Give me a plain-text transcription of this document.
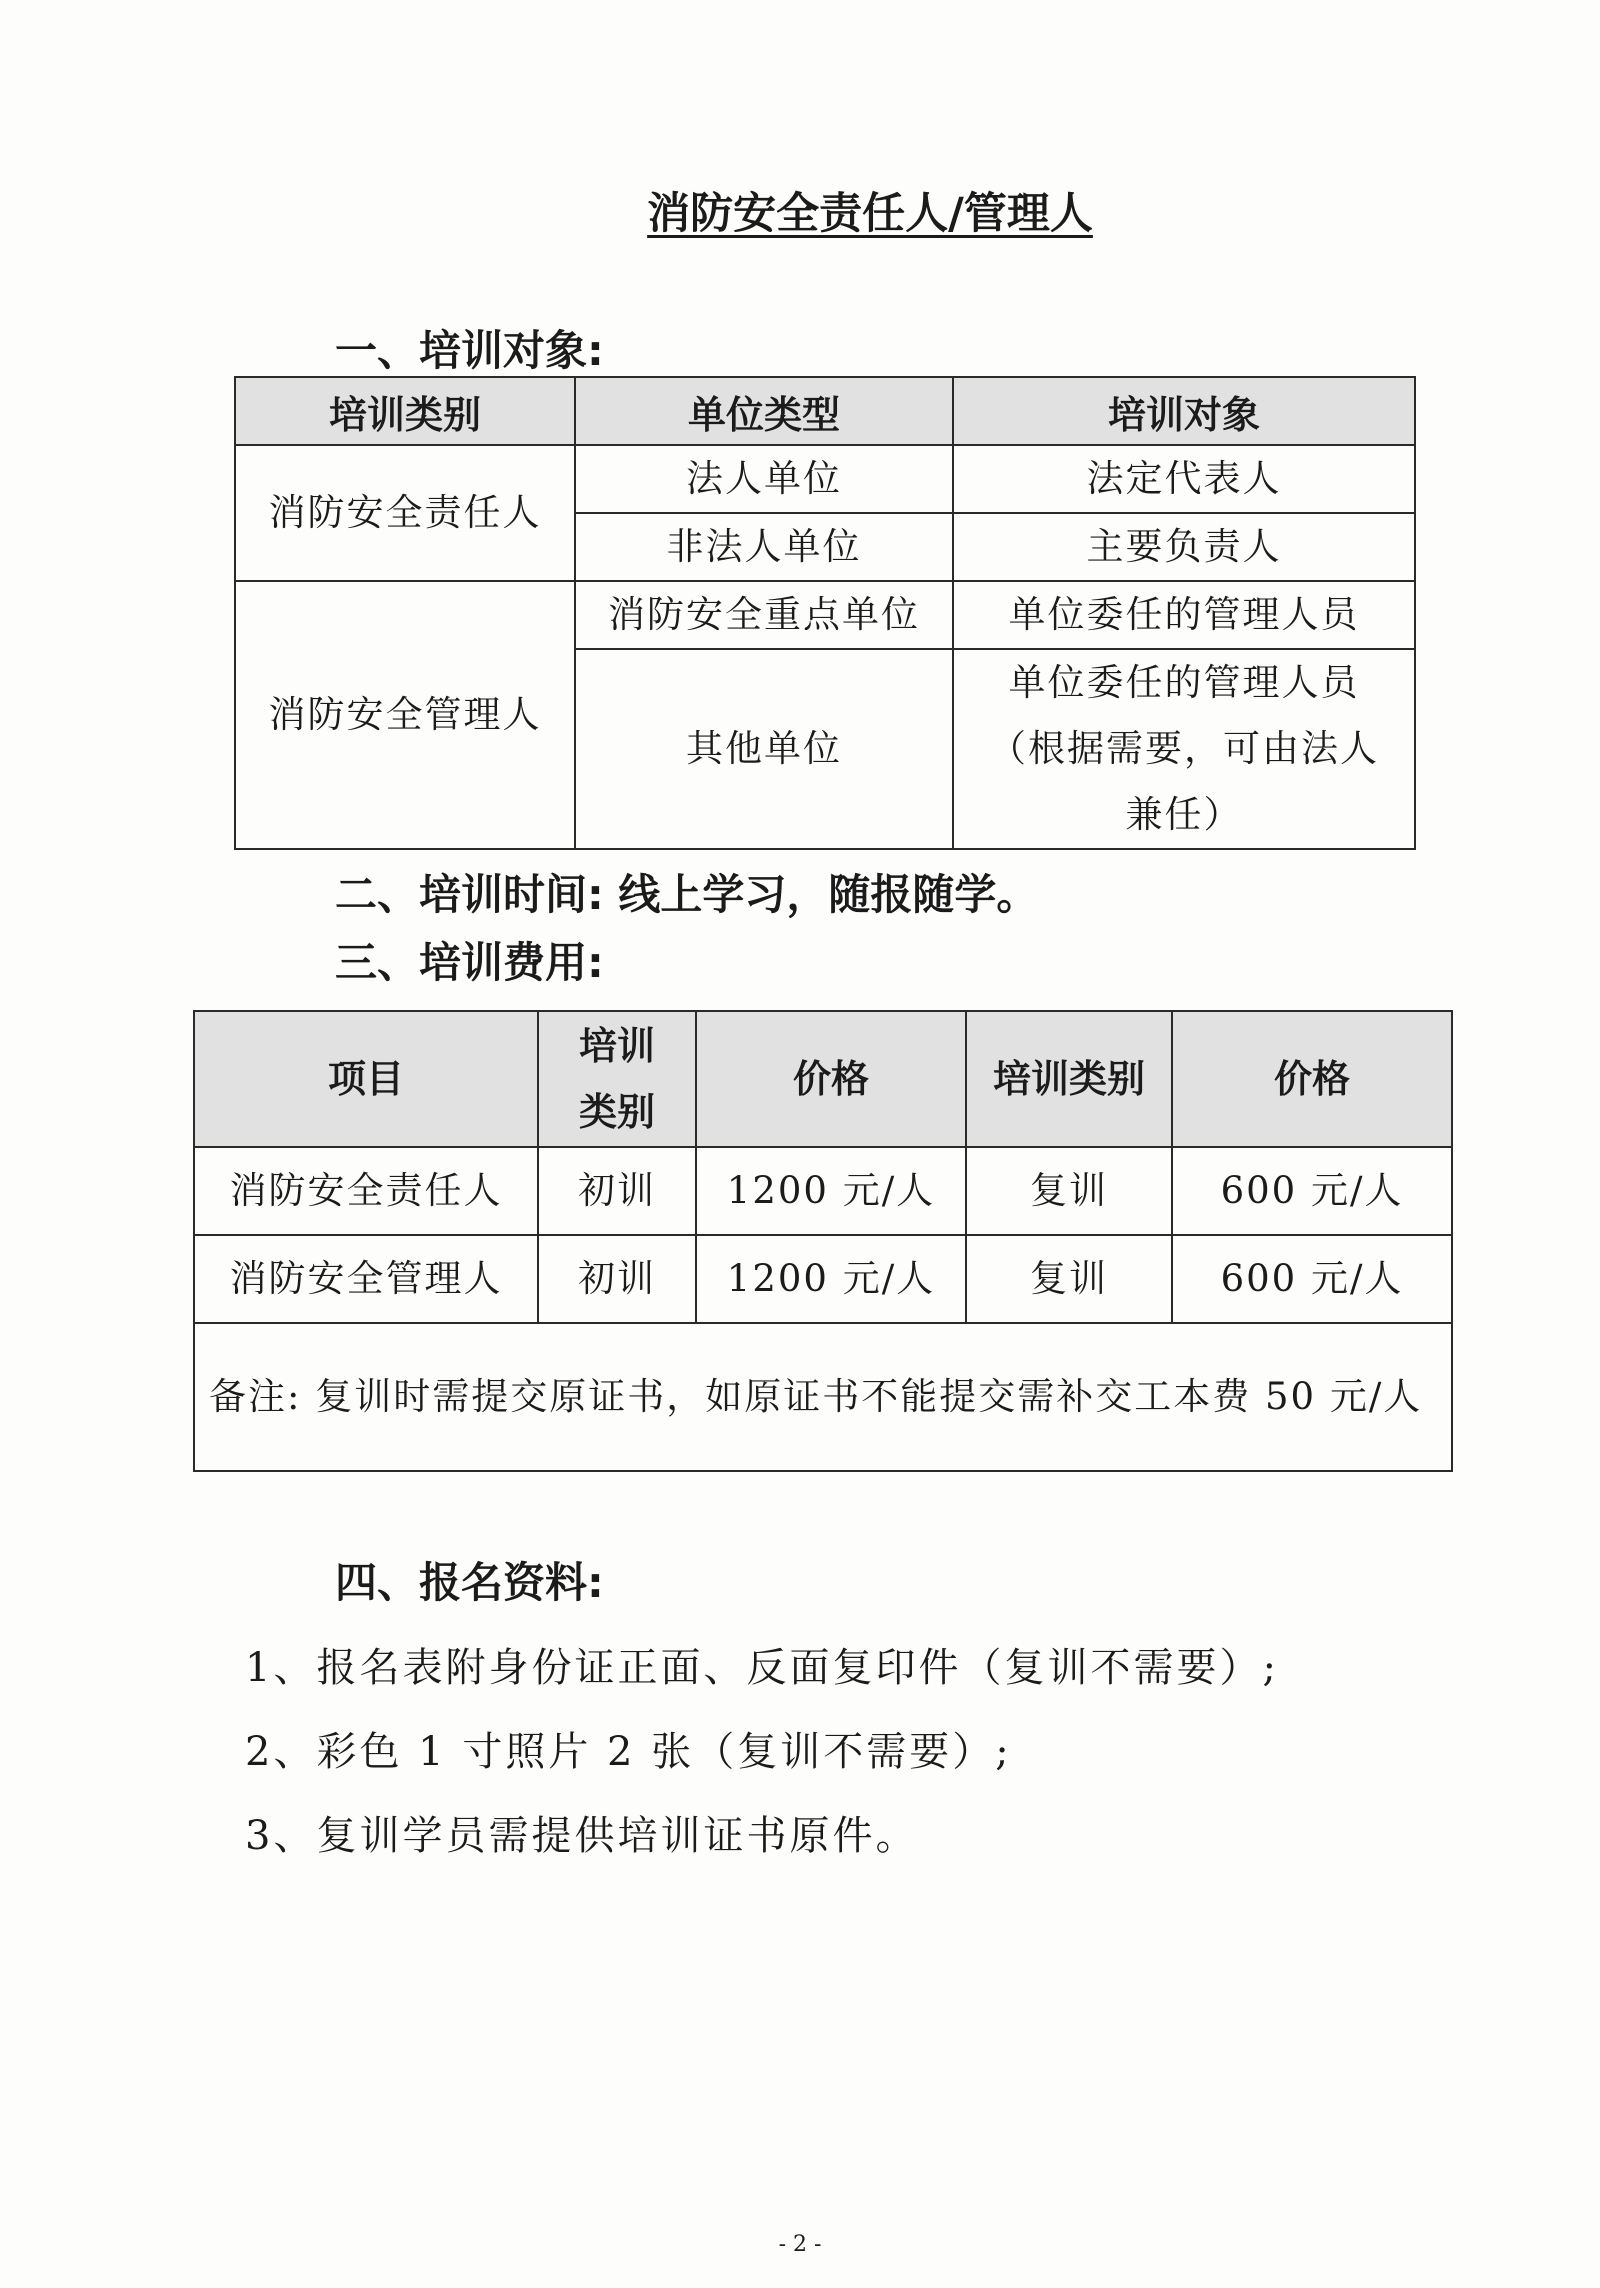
消防安全责任人/管理人
一、培训对象:
培训类别	单位类型	培训对象
消防安全责任人	法人单位	法定代表人
	非法人单位	主要负责人
消防安全管理人	消防安全重点单位	单位委任的管理人员
	其他单位	单位委任的管理人员（根据需要，可由法人兼任）
二、培训时间: 线上学习，随报随学。
三、培训费用:
项目	培训类别	价格	培训类别	价格
消防安全责任人	初训	1200 元/人	复训	600 元/人
消防安全管理人	初训	1200 元/人	复训	600 元/人
备注: 复训时需提交原证书，如原证书不能提交需补交工本费 50 元/人				
四、报名资料:
1、报名表附身份证正面、反面复印件（复训不需要）;
2、彩色 1 寸照片 2 张（复训不需要）;
3、复训学员需提供培训证书原件。
- 2 -
